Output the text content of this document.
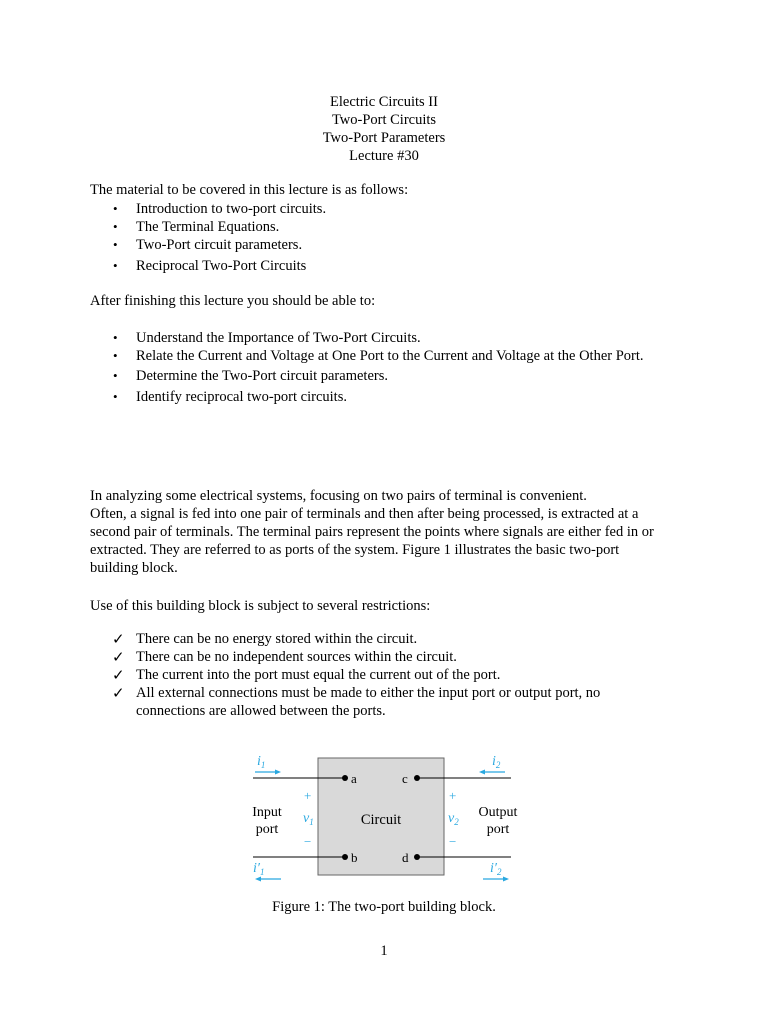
Electric Circuits II
Two-Port Circuits
Two-Port Parameters
Lecture #30
The material to be covered in this lecture is as follows:
• Introduction to two-port circuits.
• The Terminal Equations.
• Two-Port circuit parameters.
• Reciprocal Two-Port Circuits
After finishing this lecture you should be able to:
• Understand the Importance of Two-Port Circuits.
• Relate the Current and Voltage at One Port to the Current and Voltage at the Other Port.
• Determine the Two-Port circuit parameters.
• Identify reciprocal two-port circuits.
In analyzing some electrical systems, focusing on two pairs of terminal is convenient.
Often, a signal is fed into one pair of terminals and then after being processed, is extracted at a
second pair of terminals. The terminal pairs represent the points where signals are either fed in or
extracted. They are referred to as ports of the system. Figure 1 illustrates the basic two-port
building block.
Use of this building block is subject to several restrictions:
✓ There can be no energy stored within the circuit.
✓ There can be no independent sources within the circuit.
✓ The current into the port must equal the current out of the port.
✓ All external connections must be made to either the input port or output port, no
connections are allowed between the ports.
Circuit
a
b
c
d
$i_1$	$i_2$
$i'_1$	$i'_2$
+
$v_1$
−
+
$v_2$
−
Input
port
Output
port
Figure 1: The two-port building block.
1
